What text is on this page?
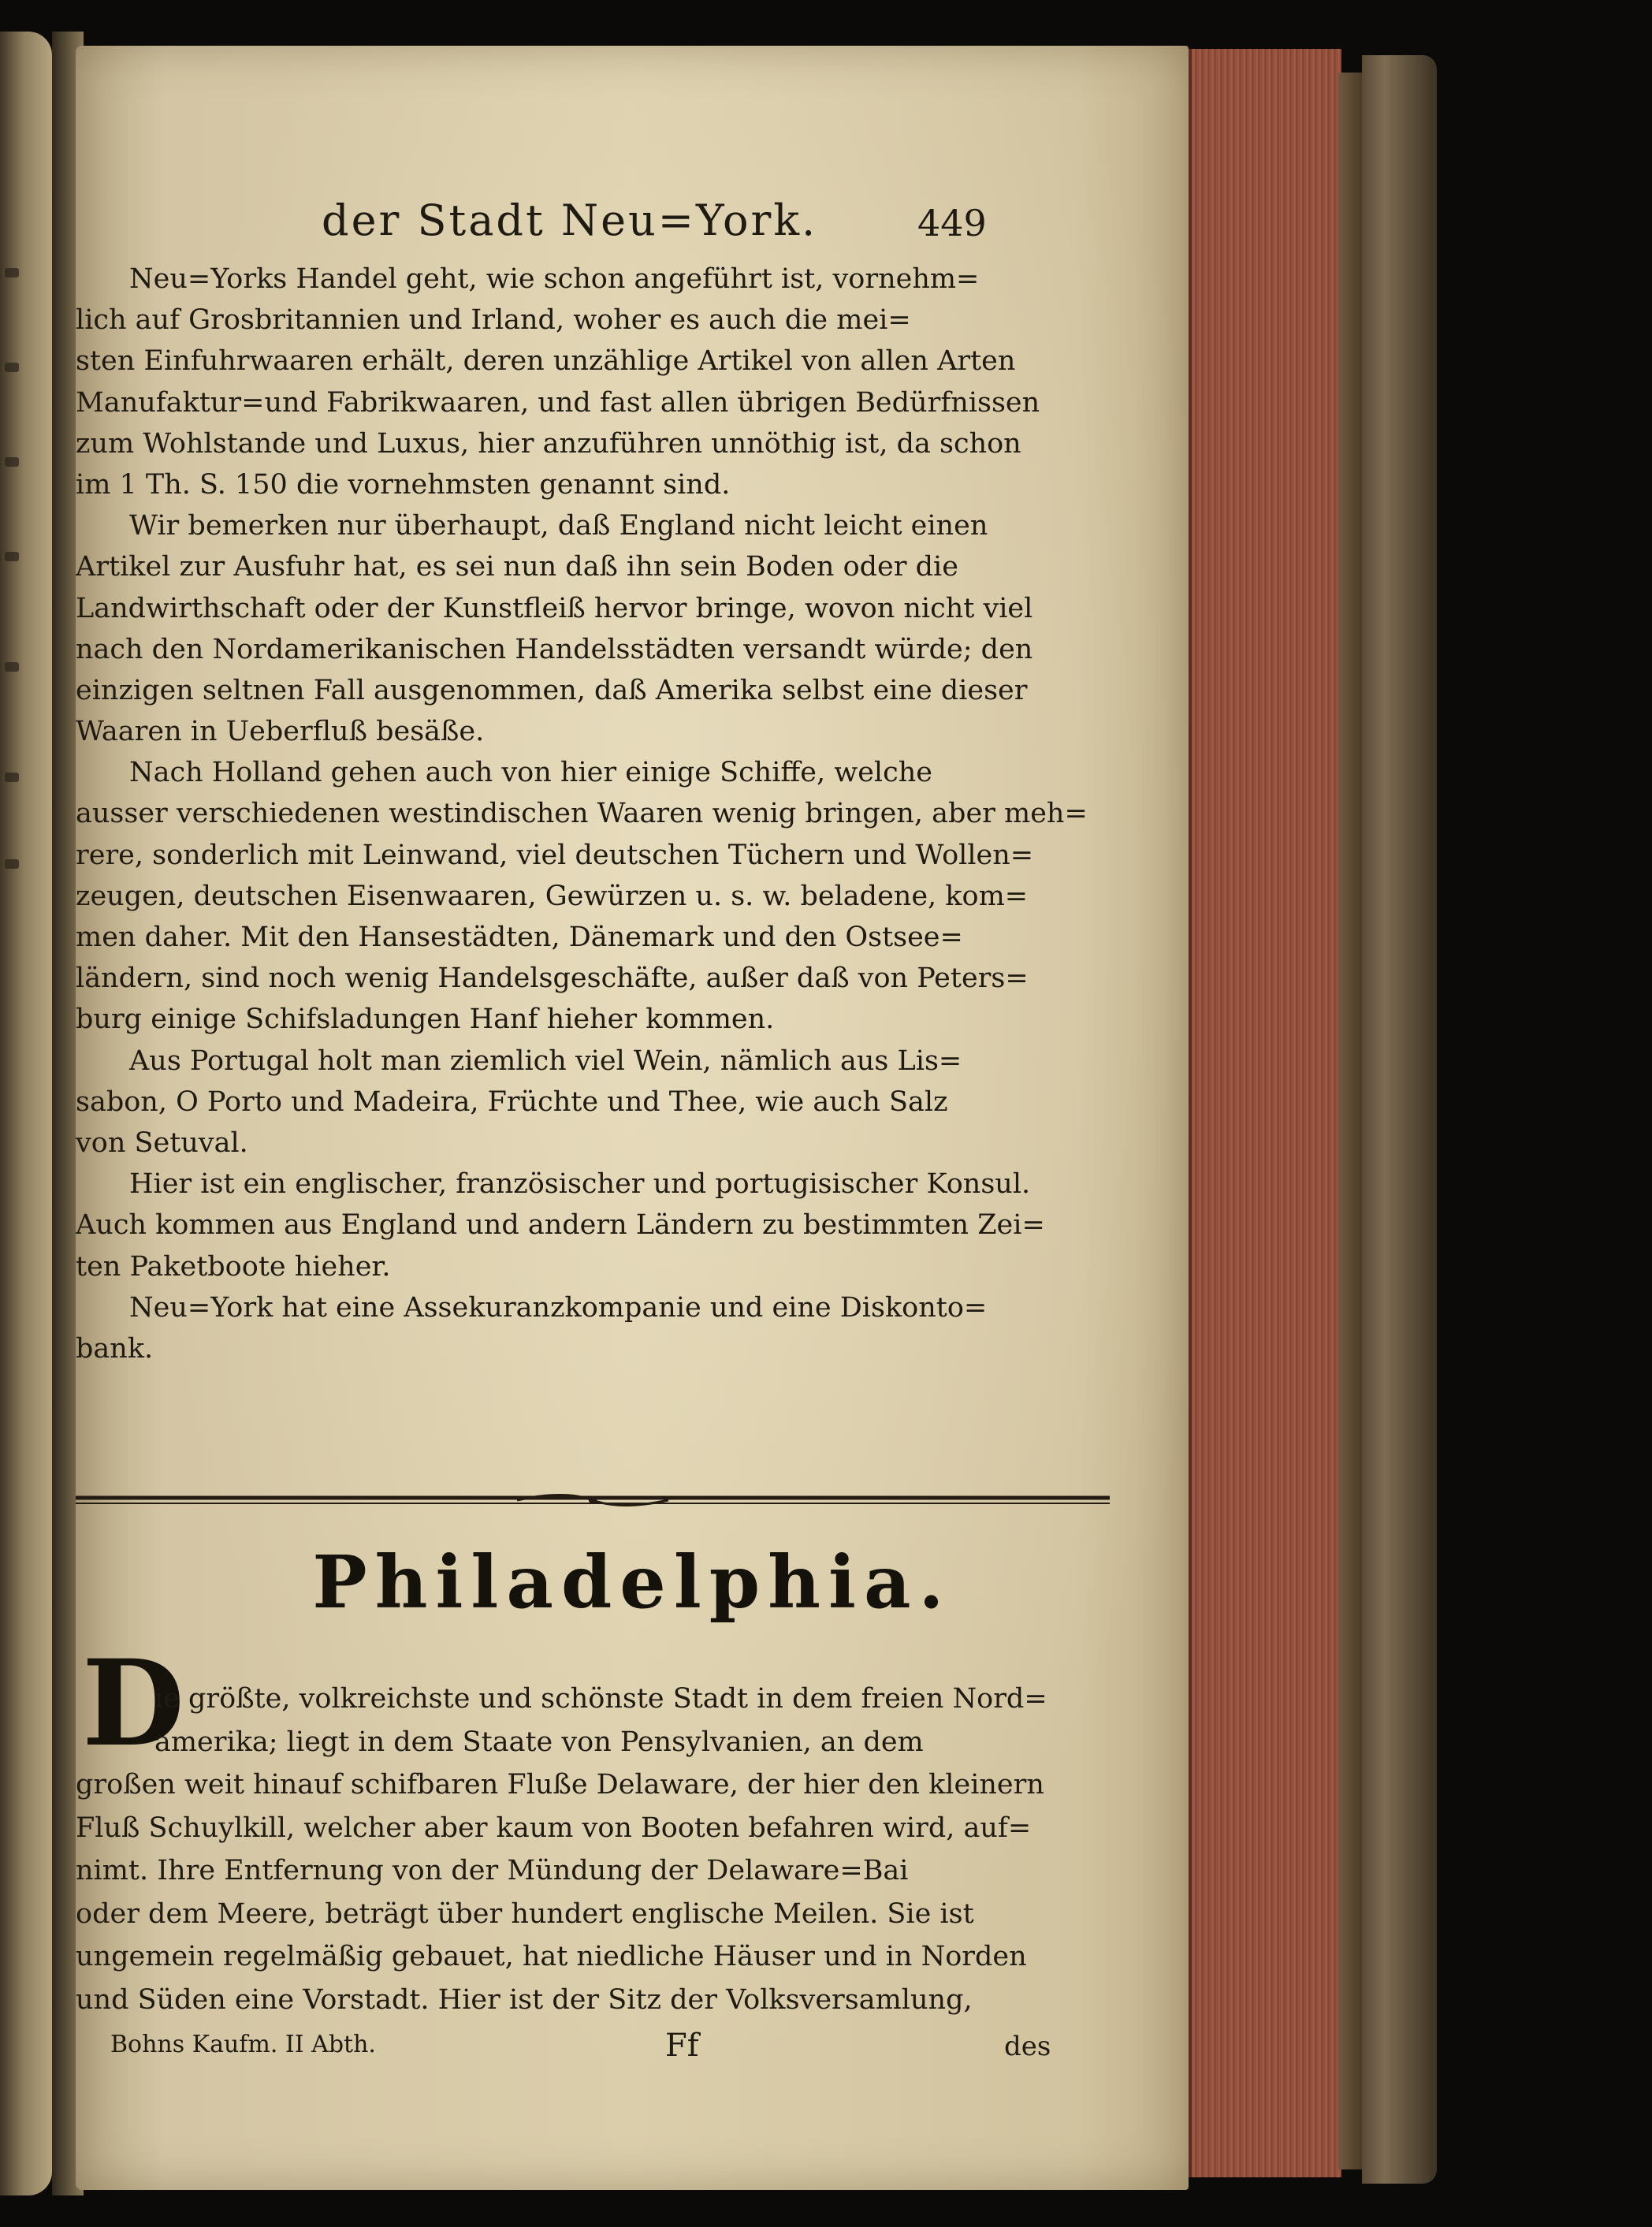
der Stadt Neu=York.	449

Neu=Yorks Handel geht, wie schon angeführt ist, vornehm=
lich auf Grosbritannien und Irland, woher es auch die mei=
sten Einfuhrwaaren erhält, deren unzählige Artikel von allen Arten
Manufaktur=und Fabrikwaaren, und fast allen übrigen Bedürfnissen
zum Wohlstande und Luxus, hier anzuführen unnöthig ist, da schon
im 1 Th. S. 150 die vornehmsten genannt sind.

Wir bemerken nur überhaupt, daß England nicht leicht einen
Artikel zur Ausfuhr hat, es sei nun daß ihn sein Boden oder die
Landwirthschaft oder der Kunstfleiß hervor bringe, wovon nicht viel
nach den Nordamerikanischen Handelsstädten versandt würde; den
einzigen seltnen Fall ausgenommen, daß Amerika selbst eine dieser
Waaren in Ueberfluß besäße.

Nach Holland gehen auch von hier einige Schiffe, welche
ausser verschiedenen westindischen Waaren wenig bringen, aber meh=
rere, sonderlich mit Leinwand, viel deutschen Tüchern und Wollen=
zeugen, deutschen Eisenwaaren, Gewürzen u. s. w. beladene, kom=
men daher. Mit den Hansestädten, Dänemark und den Ostsee=
ländern, sind noch wenig Handelsgeschäfte, außer daß von Peters=
burg einige Schifsladungen Hanf hieher kommen.

Aus Portugal holt man ziemlich viel Wein, nämlich aus Lis=
sabon, O Porto und Madeira, Früchte und Thee, wie auch Salz
von Setuval.

Hier ist ein englischer, französischer und portugisischer Konsul.
Auch kommen aus England und andern Ländern zu bestimmten Zei=
ten Paketboote hieher.

Neu=York hat eine Assekuranzkompanie und eine Diskonto=
bank.

Philadelphia.
D
ie größte, volkreichste und schönste Stadt in dem freien Nord=
amerika; liegt in dem Staate von Pensylvanien, an dem
großen weit hinauf schifbaren Fluße Delaware, der hier den kleinern
Fluß Schuylkill, welcher aber kaum von Booten befahren wird, auf=
nimt. Ihre Entfernung von der Mündung der Delaware=Bai
oder dem Meere, beträgt über hundert englische Meilen. Sie ist
ungemein regelmäßig gebauet, hat niedliche Häuser und in Norden
und Süden eine Vorstadt. Hier ist der Sitz der Volksversamlung,
Bohns Kaufm. II Abth.	Ff	des
